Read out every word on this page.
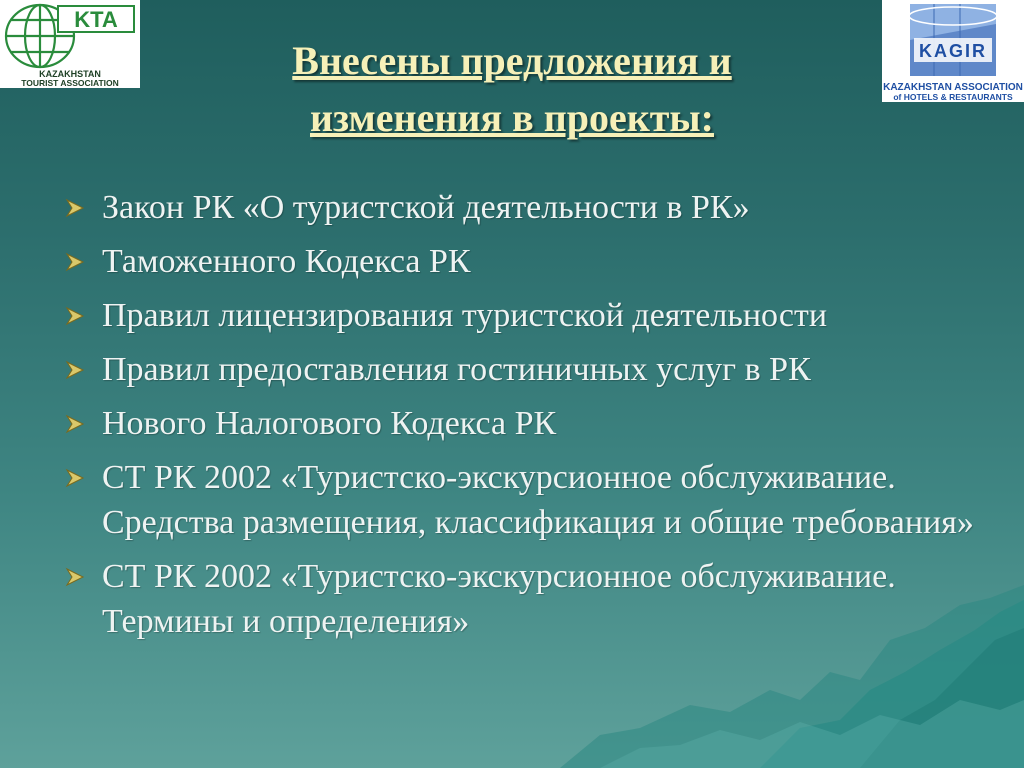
KTA
KAZAKHSTAN
TOURIST ASSOCIATION
KAGIR
KAZAKHSTAN ASSOCIATION
of HOTELS & RESTAURANTS
Внесены предложения и
изменения в проекты:
Закон РК «О туристской деятельности в РК»
Таможенного Кодекса РК
Правил лицензирования туристской деятельности
Правил предоставления гостиничных услуг в РК
Нового Налогового Кодекса РК
СТ РК 2002 «Туристско-экскурсионное обслуживание. Средства размещения, классификация и общие требования»
СТ РК 2002 «Туристско-экскурсионное обслуживание. Термины и определения»
